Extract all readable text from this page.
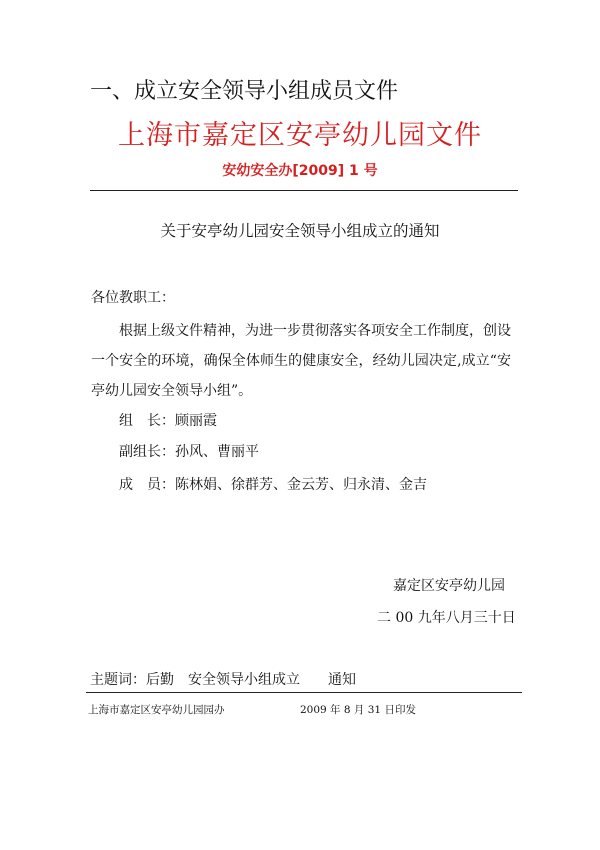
一、成立安全领导小组成员文件
上海市嘉定区安亭幼儿园文件
安幼安全办[2009] 1 号
关于安亭幼儿园安全领导小组成立的通知
各位教职工：
根据上级文件精神，为进一步贯彻落实各项安全工作制度，创设一个安全的环境，确保全体师生的健康安全，经幼儿园决定,成立“安亭幼儿园安全领导小组”。
组　长：顾丽霞
副组长：孙风、曹丽平
成　员：陈林娟、徐群芳、金云芳、归永清、金吉
嘉定区安亭幼儿园
二 00 九年八月三十日
主题词：后勤　安全领导小组成立　　通知
上海市嘉定区安亭幼儿园园办	2009 年 8 月 31 日印发
